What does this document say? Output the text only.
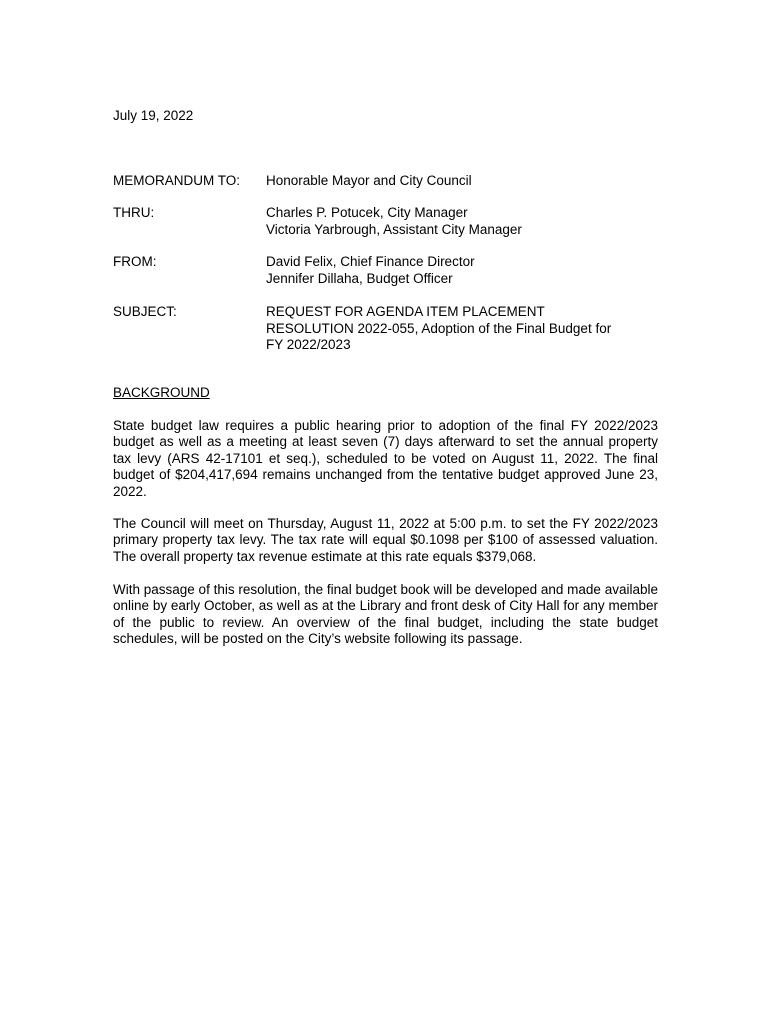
July 19, 2022
MEMORANDUM TO: Honorable Mayor and City Council
THRU:	Charles P. Potucek, City Manager
Victoria Yarbrough, Assistant City Manager
FROM:	David Felix, Chief Finance Director
Jennifer Dillaha, Budget Officer
SUBJECT:	REQUEST FOR AGENDA ITEM PLACEMENT
RESOLUTION 2022-055, Adoption of the Final Budget for
FY 2022/2023
BACKGROUND

State budget law requires a public hearing prior to adoption of the final FY 2022/2023 budget as well as a meeting at least seven (7) days afterward to set the annual property tax levy (ARS 42-17101 et seq.), scheduled to be voted on August 11, 2022. The final budget of $204,417,694 remains unchanged from the tentative budget approved June 23, 2022.

The Council will meet on Thursday, August 11, 2022 at 5:00 p.m. to set the FY 2022/2023 primary property tax levy. The tax rate will equal $0.1098 per $100 of assessed valuation. The overall property tax revenue estimate at this rate equals $379,068.

With passage of this resolution, the final budget book will be developed and made available online by early October, as well as at the Library and front desk of City Hall for any member of the public to review. An overview of the final budget, including the state budget schedules, will be posted on the City’s website following its passage.
